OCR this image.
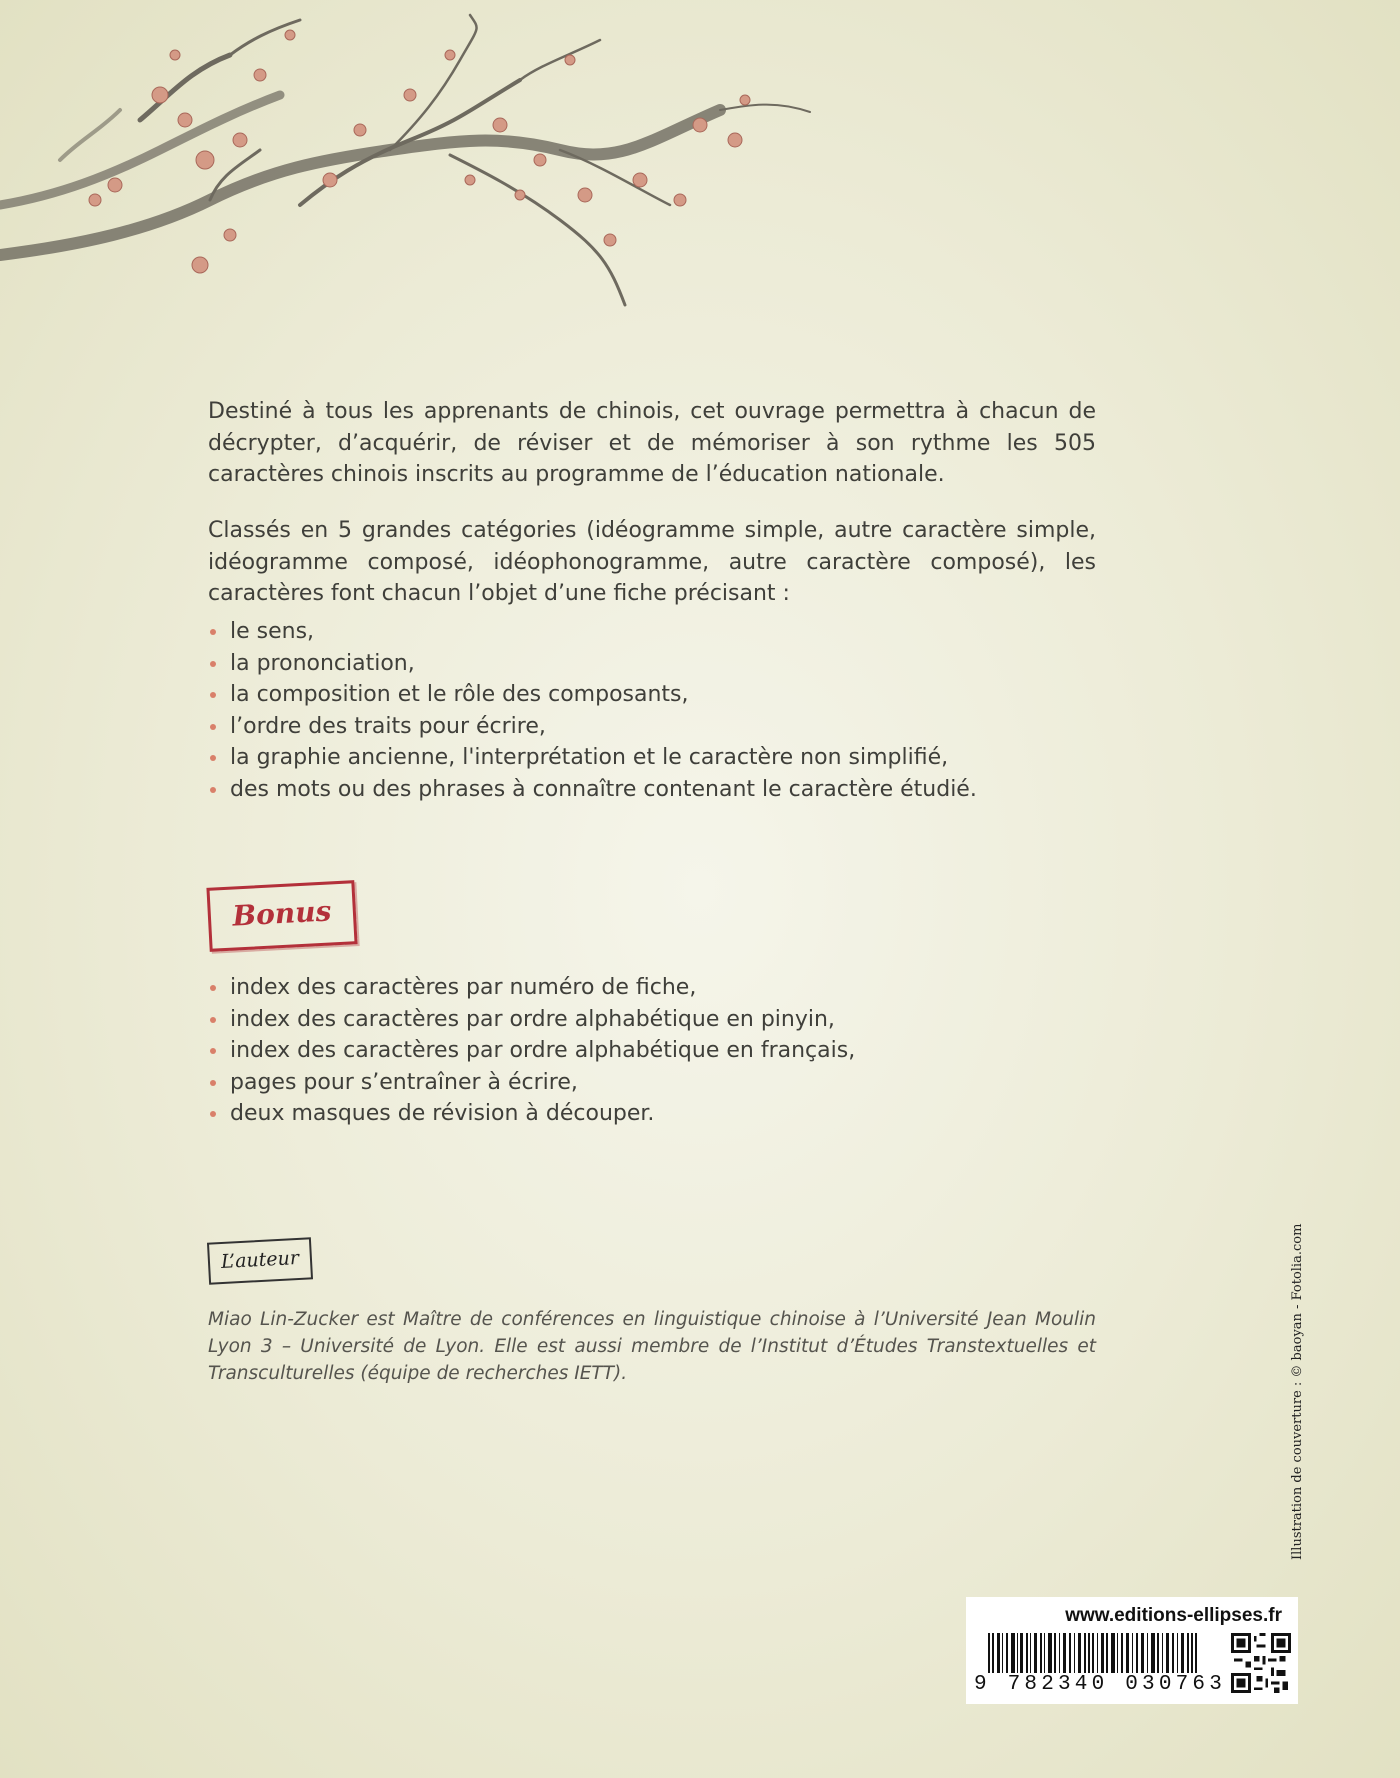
Destiné à tous les apprenants de chinois, cet ouvrage permettra à chacun de décrypter, d’acquérir, de réviser et de mémoriser à son rythme les 505 caractères chinois inscrits au programme de l’éducation nationale.

Classés en 5 grandes catégories (idéogramme simple, autre caractère simple, idéogramme composé, idéophonogramme, autre caractère composé), les caractères font chacun l’objet d’une fiche précisant :

le sens,
la prononciation,
la composition et le rôle des composants,
l’ordre des traits pour écrire,
la graphie ancienne, l'interprétation et le caractère non simplifié,
des mots ou des phrases à connaître contenant le caractère étudié.
Bonus
index des caractères par numéro de fiche,
index des caractères par ordre alphabétique en pinyin,
index des caractères par ordre alphabétique en français,
pages pour s’entraîner à écrire,
deux masques de révision à découper.
L’auteur

Miao Lin-Zucker est Maître de conférences en linguistique chinoise à l’Université Jean Moulin Lyon 3 – Université de Lyon. Elle est aussi membre de l’Institut d’Études Transtextuelles et Transculturelles (équipe de recherches IETT).	Illustration de couverture : © baoyan - Fotolia.com
www.editions-ellipses.fr
9 782340 030763
